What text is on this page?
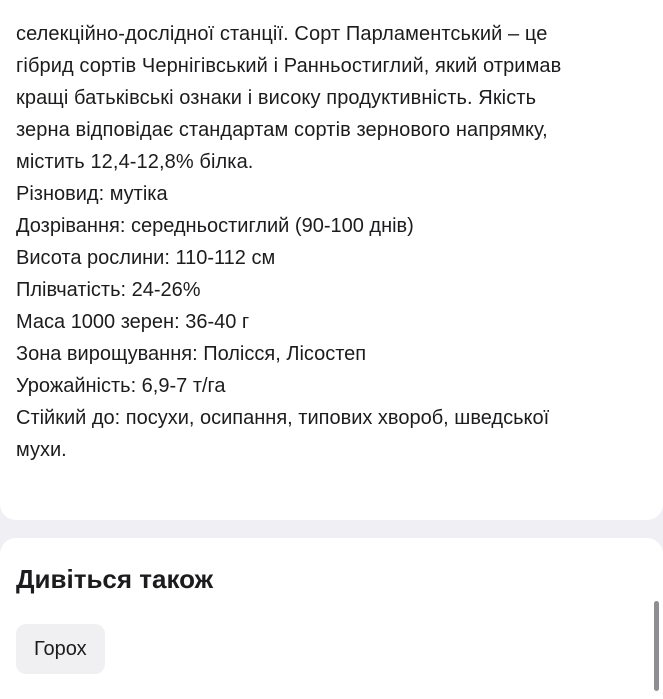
селекційно-дослідної станції. Сорт Парламентський – це
гібрид сортів Чернігівський і Ранньостиглий, який отримав
кращі батьківські ознаки і високу продуктивність. Якість
зерна відповідає стандартам сортів зернового напрямку,
містить 12,4-12,8% білка.

Різновид: мутіка
Дозрівання: середньостиглий (90-100 днів)
Висота рослини: 110-112 см
Плівчатість: 24-26%
Маса 1000 зерен: 36-40 г
Зона вирощування: Полісся, Лісостеп
Урожайність: 6,9-7 т/га
Стійкий до: посухи, осипання, типових хвороб, шведської
мухи.
Дивіться також
Горох
